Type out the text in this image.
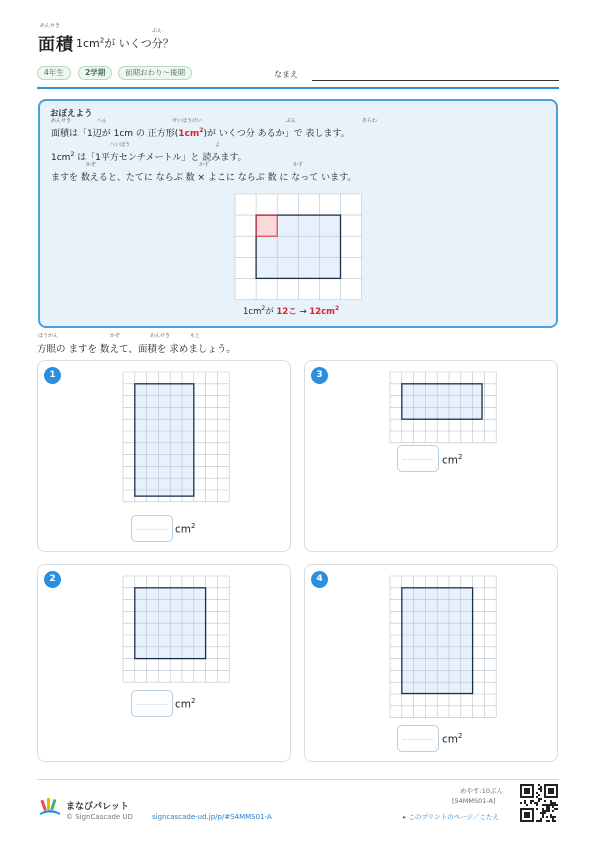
めんせき
面積
ぶん
$1cm^2$が いくつ分？
4年生	2学期	前期おわり～後期	なまえ
おぼえよう
めんせき	へん	せいほうけい	ぶん	あらわ
面積は「1辺が 1cm の 正方形$(1cm^2)$が いくつ分 あるか」で 表します。
へいほう	よ
$1cm^2$ は「1平方センチメートル」と 読みます。
かぞ	かず	かず
ますを 数えると、たてに ならぶ 数 × よこに ならぶ 数 に なって います。
$1cm^2$が 12こ → $12cm^2$
ほうがん	かぞ	めんせき	もと
方眼の ますを 数えて、面積を 求めましょう。
1
$cm^2$
3
$cm^2$
2
$cm^2$
4
$cm^2$
まなびパレット
© SignCascade UD	signcascade-ud.jp/p/#S4MMS01-A
めやす:10ぷん
[S4MMS01-A]
▸ このプリントのページ／こたえ
